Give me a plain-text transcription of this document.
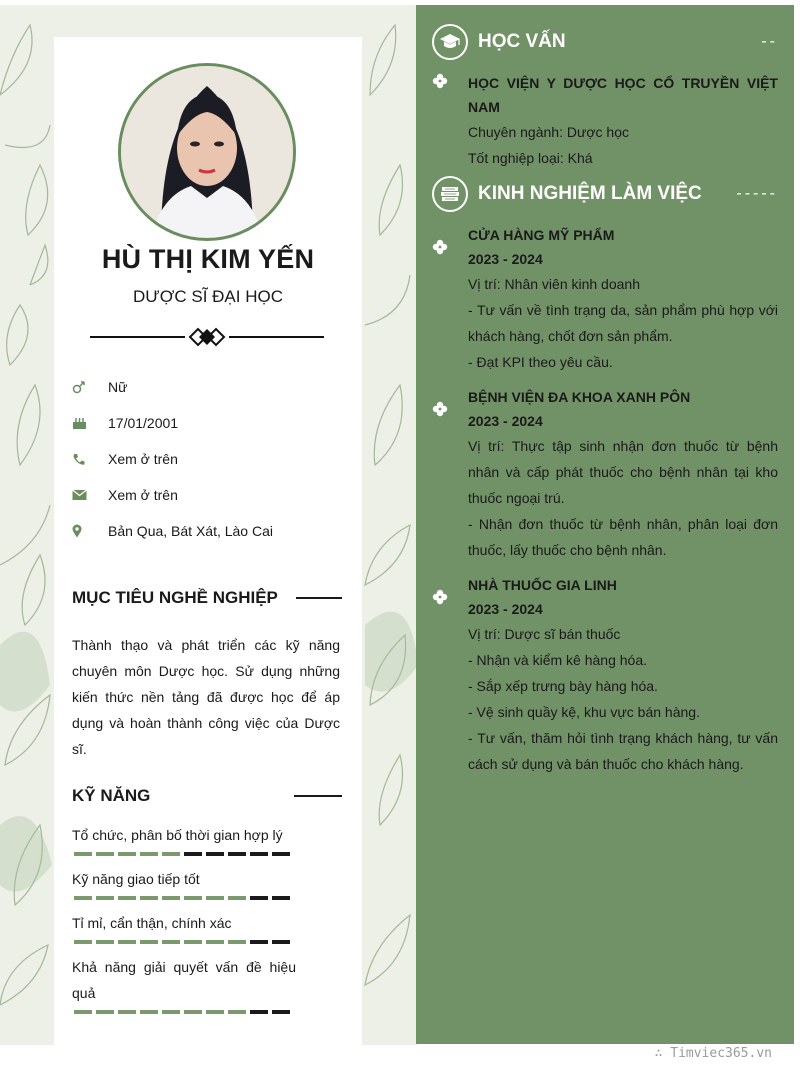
HÙ THỊ KIM YẾN
DƯỢC SĨ ĐẠI HỌC
Nữ
17/01/2001
Xem ở trên
Xem ở trên
Bản Qua, Bát Xát, Lào Cai
MỤC TIÊU NGHỀ NGHIỆP
Thành thạo và phát triển các kỹ năng chuyên môn Dược học. Sử dụng những kiến thức nền tảng đã được học để áp dụng và hoàn thành công việc của Dược sĩ.
KỸ NĂNG
Tổ chức, phân bố thời gian hợp lý
Kỹ năng giao tiếp tốt
Tỉ mỉ, cẩn thận, chính xác
Khả năng giải quyết vấn đề hiệu quả
HỌC VẤN	--
HỌC VIỆN Y DƯỢC HỌC CỔ TRUYỀN VIỆT NAM
Chuyên ngành: Dược học
Tốt nghiệp loại: Khá
KINH NGHIỆM LÀM VIỆC -----
CỬA HÀNG MỸ PHẨM
2023 - 2024
Vị trí: Nhân viên kinh doanh
- Tư vấn về tình trạng da, sản phẩm phù hợp với khách hàng, chốt đơn sản phẩm.
- Đạt KPI theo yêu cầu.
BỆNH VIỆN ĐA KHOA XANH PÔN
2023 - 2024
Vị trí: Thực tập sinh nhận đơn thuốc từ bệnh nhân và cấp phát thuốc cho bệnh nhân tại kho thuốc ngoại trú.
- Nhận đơn thuốc từ bệnh nhân, phân loại đơn thuốc, lấy thuốc cho bệnh nhân.
NHÀ THUỐC GIA LINH
2023 - 2024
Vị trí: Dược sĩ bán thuốc
- Nhận và kiểm kê hàng hóa.
- Sắp xếp trưng bày hàng hóa.
- Vệ sinh quầy kệ, khu vực bán hàng.
- Tư vấn, thăm hỏi tình trạng khách hàng, tư vấn cách sử dụng và bán thuốc cho khách hàng.
∴ Timviec365.vn
